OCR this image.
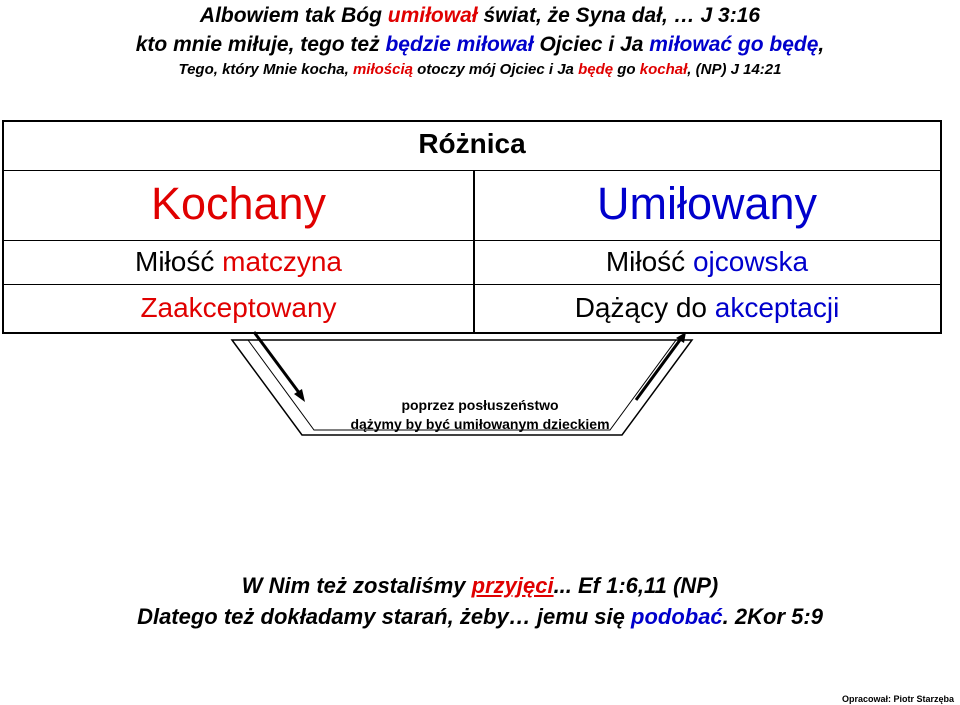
Albowiem tak Bóg umiłował świat, że Syna dał, … J 3:16
kto mnie miłuje, tego też będzie miłował Ojciec i Ja miłować go będę,
Tego, który Mnie kocha, miłością otoczy mój Ojciec i Ja będę go kochał, (NP) J 14:21
Różnica
Kochany
Miłość matczyna
Zaakceptowany
Umiłowany
Miłość ojcowska
Dążący do akceptacji
poprzez posłuszeństwo
dążymy by być umiłowanym dzieckiem
W Nim też zostaliśmy przyjęci... Ef 1:6,11 (NP)
Dlatego też dokładamy starań, żeby… jemu się podobać. 2Kor 5:9
Opracował: Piotr Starzęba
